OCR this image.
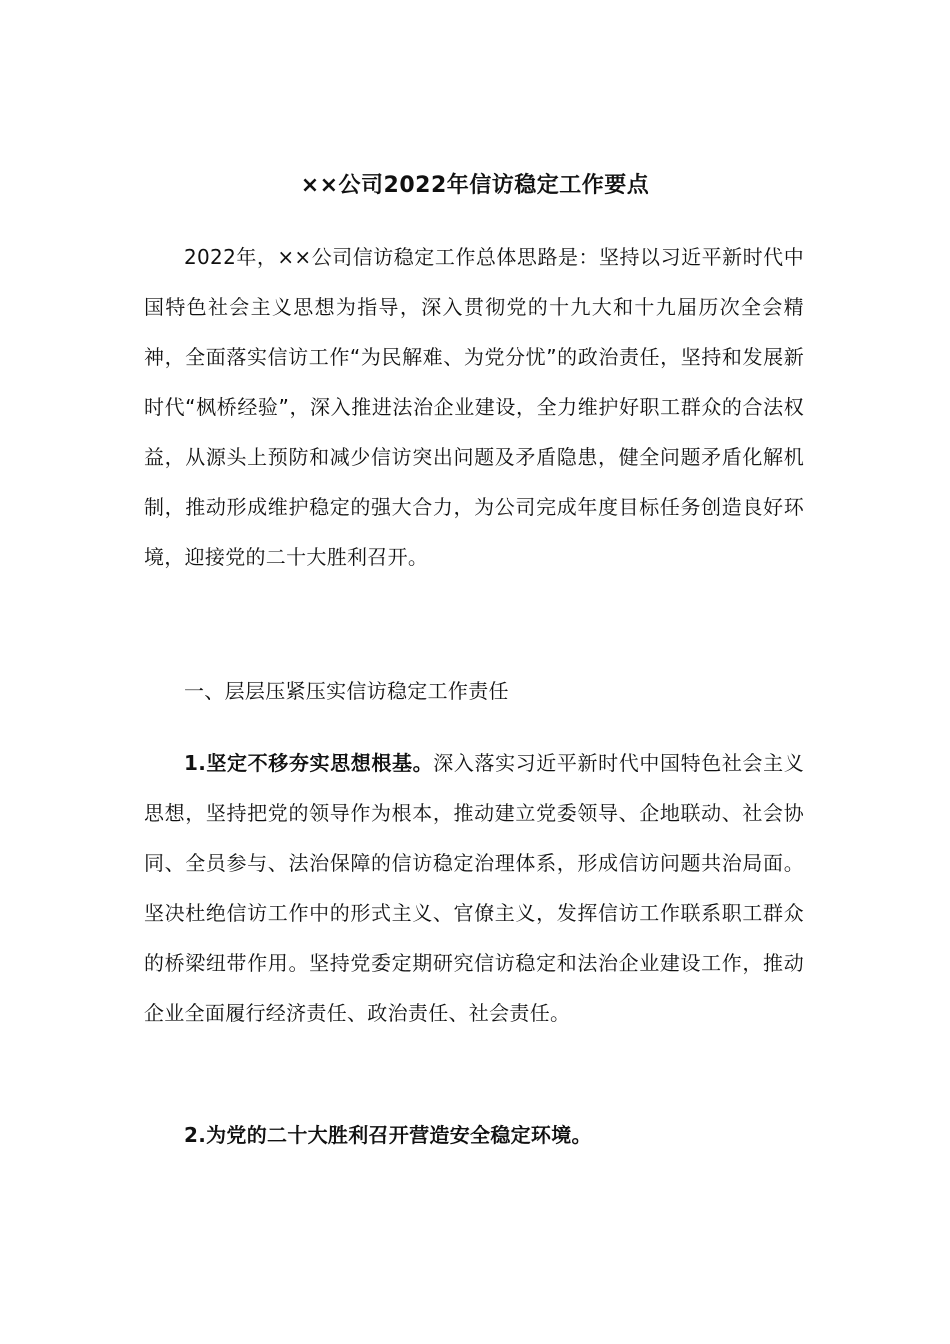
××公司2022年信访稳定工作要点

2022年，××公司信访稳定工作总体思路是：坚持以习近平新时代中国特色社会主义思想为指导，深入贯彻党的十九大和十九届历次全会精神，全面落实信访工作“为民解难、为党分忧”的政治责任，坚持和发展新时代“枫桥经验”，深入推进法治企业建设，全力维护好职工群众的合法权益，从源头上预防和减少信访突出问题及矛盾隐患，健全问题矛盾化解机制，推动形成维护稳定的强大合力，为公司完成年度目标任务创造良好环境，迎接党的二十大胜利召开。

一、层层压紧压实信访稳定工作责任

1.坚定不移夯实思想根基。深入落实习近平新时代中国特色社会主义思想，坚持把党的领导作为根本，推动建立党委领导、企地联动、社会协同、全员参与、法治保障的信访稳定治理体系，形成信访问题共治局面。坚决杜绝信访工作中的形式主义、官僚主义，发挥信访工作联系职工群众的桥梁纽带作用。坚持党委定期研究信访稳定和法治企业建设工作，推动企业全面履行经济责任、政治责任、社会责任。

2.为党的二十大胜利召开营造安全稳定环境。
